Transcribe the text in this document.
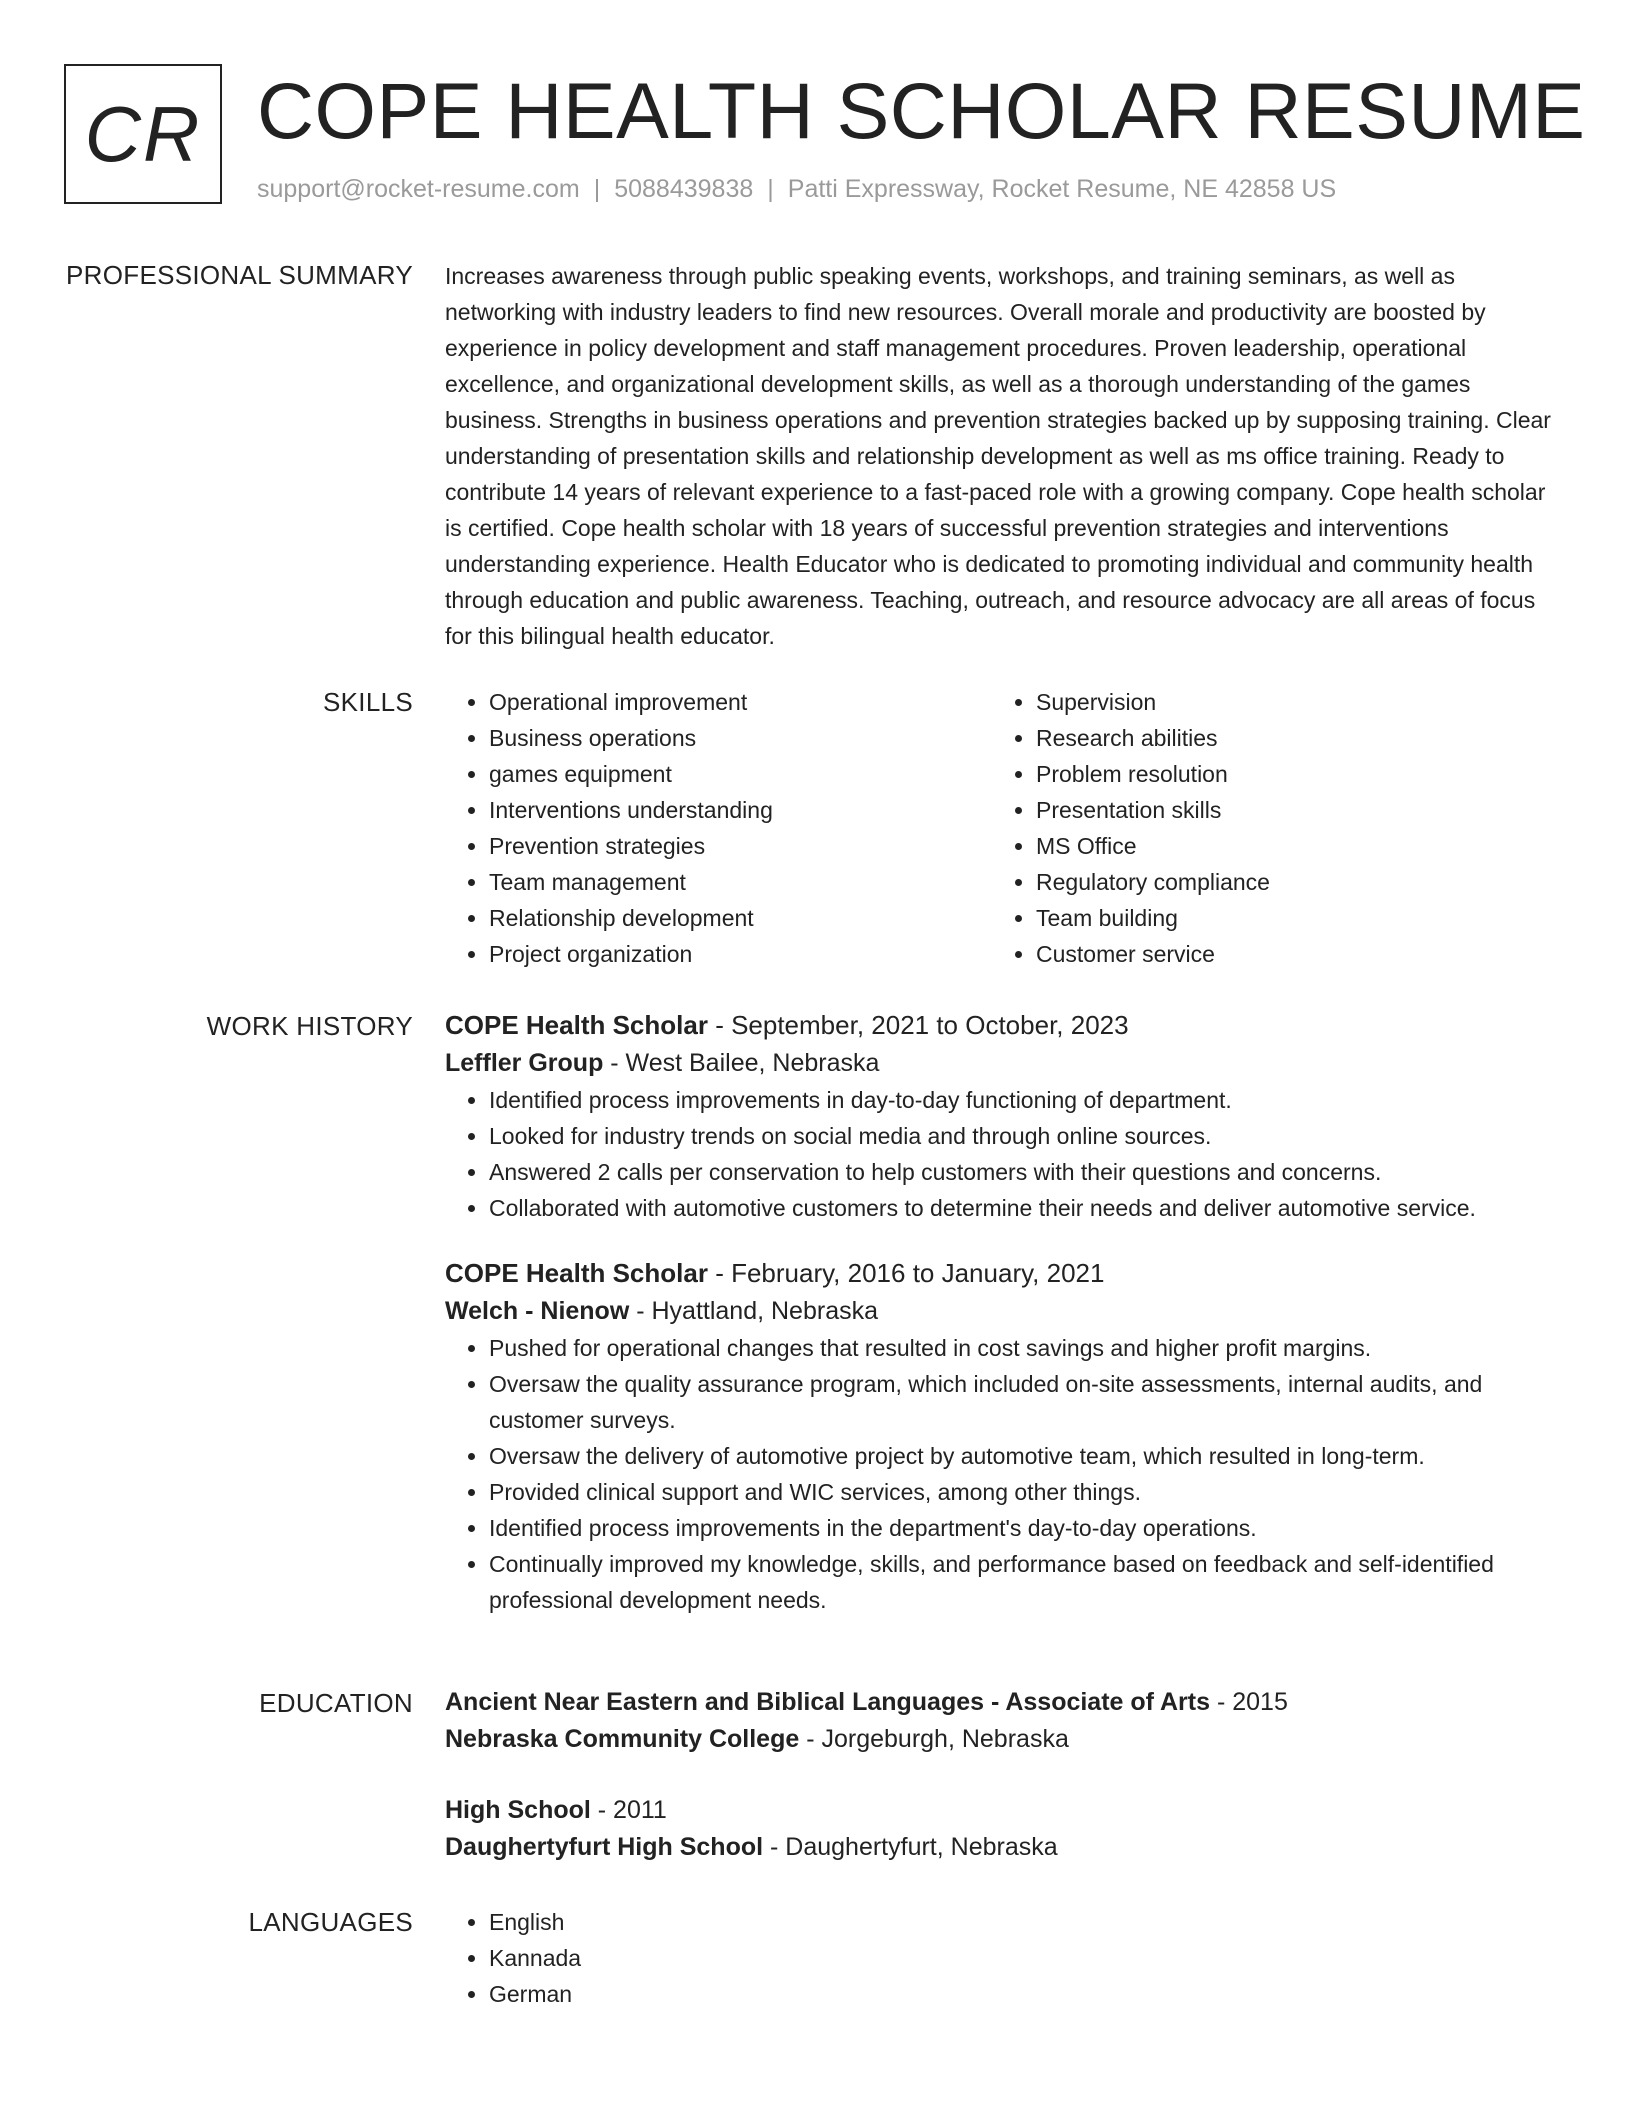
CR COPE HEALTH SCHOLAR RESUME
support@rocket-resume.com | 5088439838 | Patti Expressway, Rocket Resume, NE 42858 US
PROFESSIONAL SUMMARY Increases awareness through public speaking events, workshops, and training seminars, as well as networking with industry leaders to find new resources. Overall morale and productivity are boosted by experience in policy development and staff management procedures. Proven leadership, operational excellence, and organizational development skills, as well as a thorough understanding of the games business. Strengths in business operations and prevention strategies backed up by supposing training. Clear understanding of presentation skills and relationship development as well as ms office training. Ready to contribute 14 years of relevant experience to a fast-paced role with a growing company. Cope health scholar is certified. Cope health scholar with 18 years of successful prevention strategies and interventions understanding experience. Health Educator who is dedicated to promoting individual and community health through education and public awareness. Teaching, outreach, and resource advocacy are all areas of focus for this bilingual health educator.

SKILLS	• Operational improvement
• Business operations
• games equipment
• Interventions understanding
• Prevention strategies
• Team management
• Relationship development
• Project organization
• Supervision
• Research abilities
• Problem resolution
• Presentation skills
• MS Office
• Regulatory compliance
• Team building
• Customer service
WORK HISTORY COPE Health Scholar - September, 2021 to October, 2023
Leffler Group - West Bailee, Nebraska
• Identified process improvements in day-to-day functioning of department.
• Looked for industry trends on social media and through online sources.
• Answered 2 calls per conservation to help customers with their questions and concerns.
• Collaborated with automotive customers to determine their needs and deliver automotive service.
COPE Health Scholar - February, 2016 to January, 2021
Welch - Nienow - Hyattland, Nebraska
• Pushed for operational changes that resulted in cost savings and higher profit margins.
• Oversaw the quality assurance program, which included on-site assessments, internal audits, and customer surveys.
• Oversaw the delivery of automotive project by automotive team, which resulted in long-term.
• Provided clinical support and WIC services, among other things.
• Identified process improvements in the department's day-to-day operations.
• Continually improved my knowledge, skills, and performance based on feedback and self-identified professional development needs.
EDUCATION Ancient Near Eastern and Biblical Languages - Associate of Arts - 2015
Nebraska Community College - Jorgeburgh, Nebraska
High School - 2011
Daughertyfurt High School - Daughertyfurt, Nebraska
LANGUAGES	• English
• Kannada
• German
